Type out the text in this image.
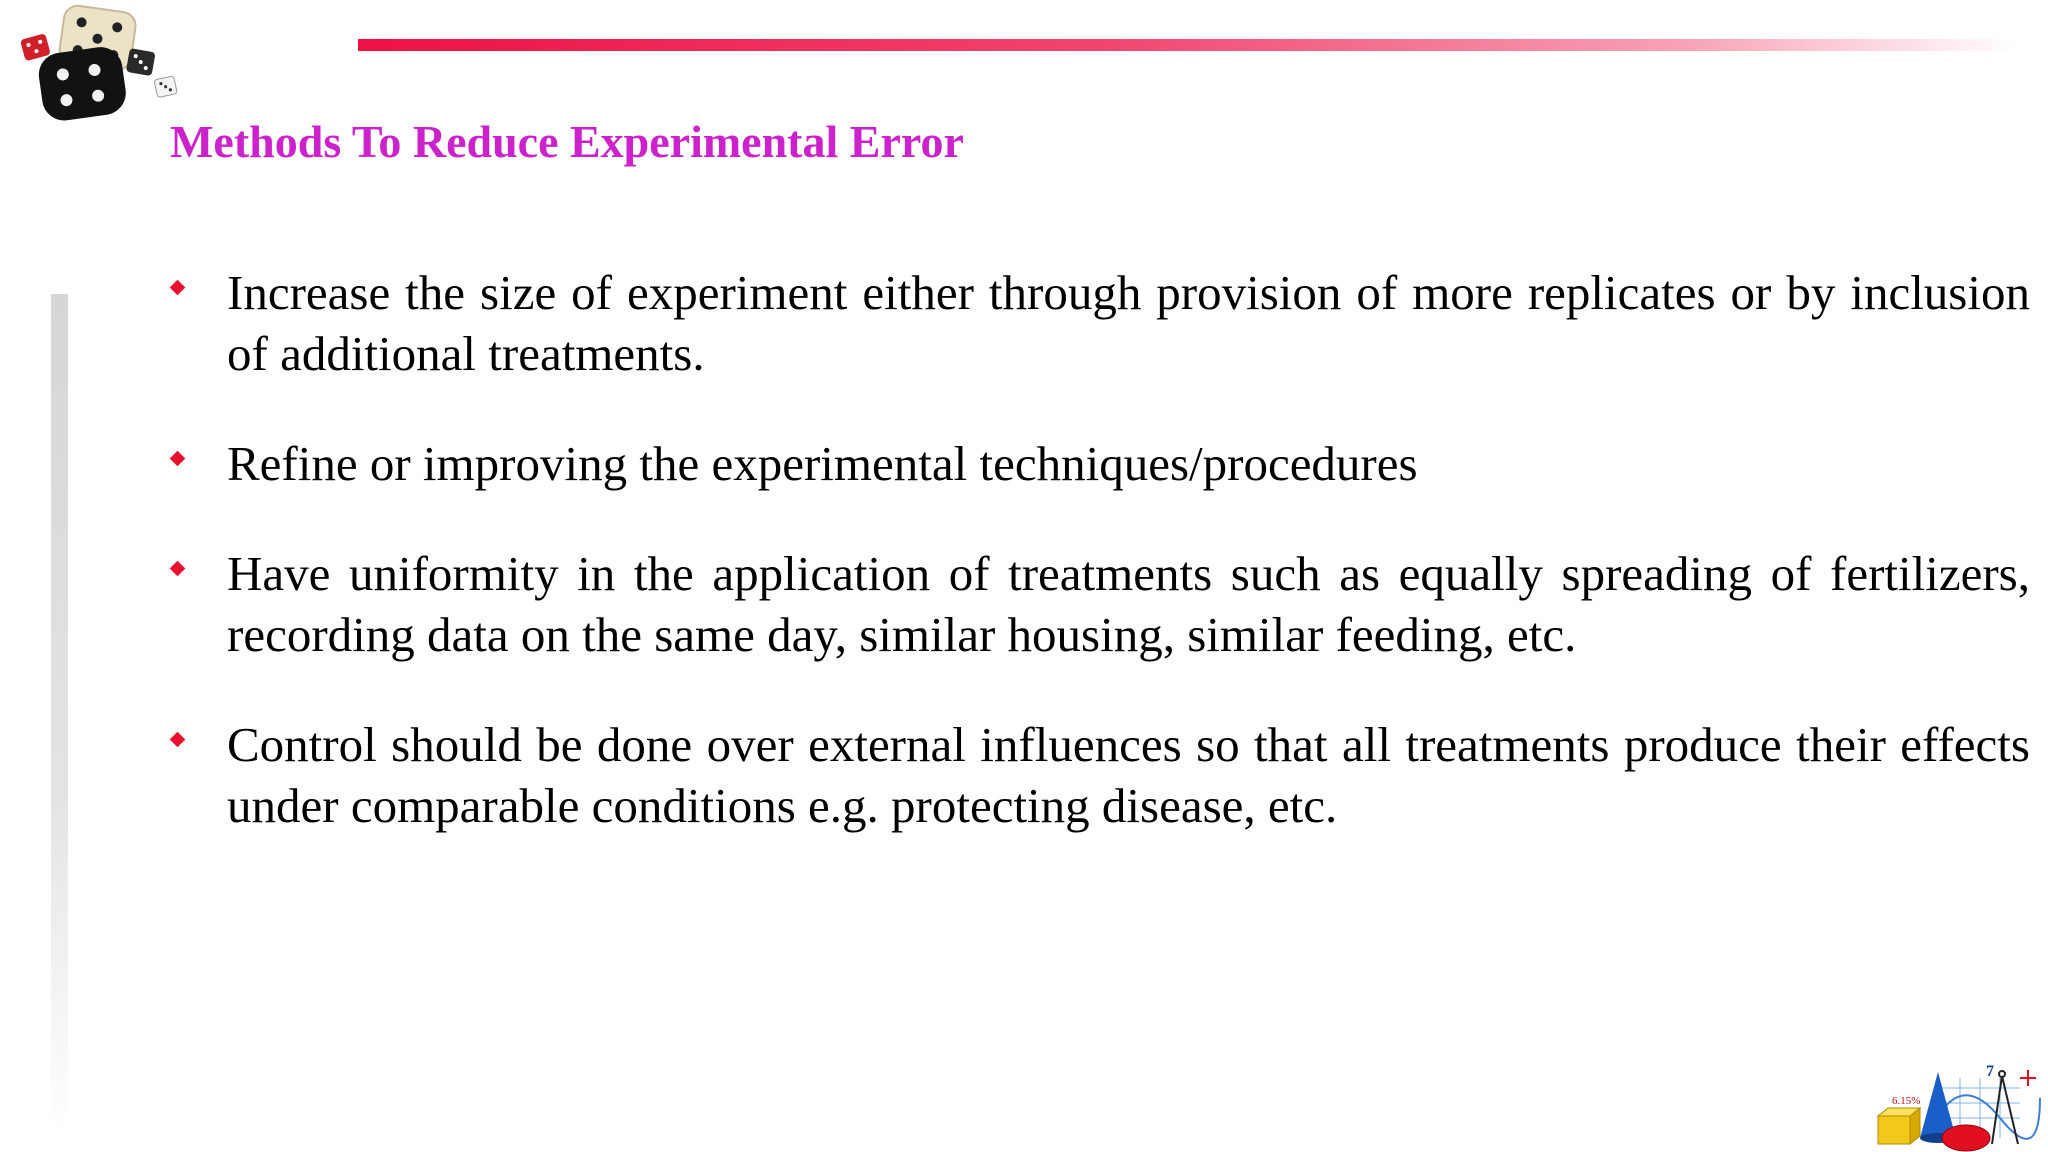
Methods To Reduce Experimental Error
Increase the size of experiment either through provision of more replicates or by inclusion of additional treatments.
Refine or improving the experimental techniques/procedures
Have uniformity in the application of treatments such as equally spreading of fertilizers, recording data on the same day, similar housing, similar feeding, etc.
Control should be done over external influences so that all treatments produce their effects under comparable conditions e.g. protecting disease, etc.
6.15%
7
